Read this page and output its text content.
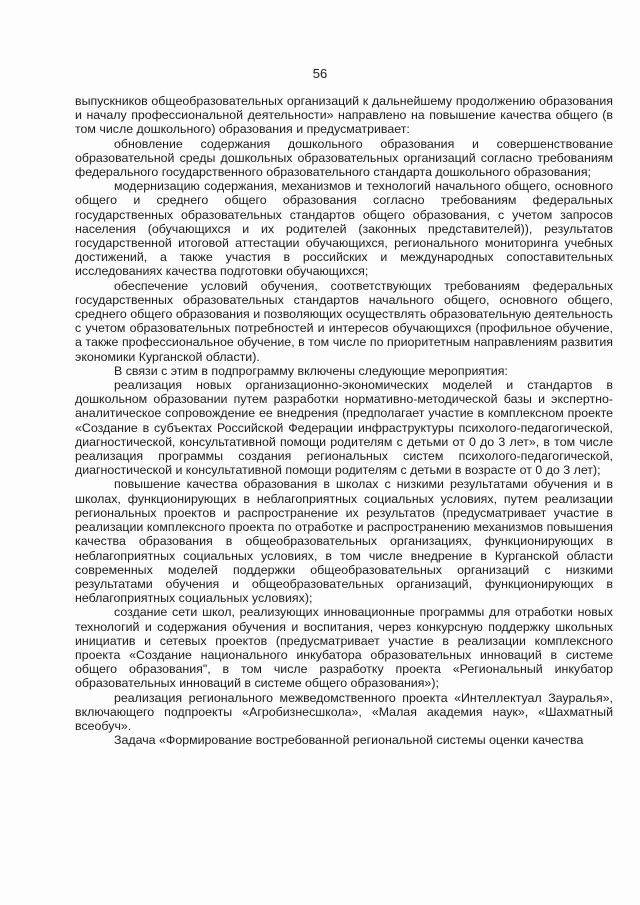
56

выпускников общеобразовательных организаций к дальнейшему продолжению образования и началу профессиональной деятельности» направлено на повышение качества общего (в том числе дошкольного) образования и предусматривает:

обновление содержания дошкольного образования и совершенствование образовательной среды дошкольных образовательных организаций согласно требованиям федерального государственного образовательного стандарта дошкольного образования;

модернизацию содержания, механизмов и технологий начального общего, основного общего и среднего общего образования согласно требованиям федеральных государственных образовательных стандартов общего образования, с учетом запросов населения (обучающихся и их родителей (законных представителей)), результатов государственной итоговой аттестации обучающихся, регионального мониторинга учебных достижений, а также участия в российских и международных сопоставительных исследованиях качества подготовки обучающихся;

обеспечение условий обучения, соответствующих требованиям федеральных государственных образовательных стандартов начального общего, основного общего, среднего общего образования и позволяющих осуществлять образовательную деятельность с учетом образовательных потребностей и интересов обучающихся (профильное обучение, а также профессиональное обучение, в том числе по приоритетным направлениям развития экономики Курганской области).

В связи с этим в подпрограмму включены следующие мероприятия:

реализация новых организационно-экономических моделей и стандартов в дошкольном образовании путем разработки нормативно-методической базы и экспертно-аналитическое сопровождение ее внедрения (предполагает участие в комплексном проекте «Создание в субъектах Российской Федерации инфраструктуры психолого-педагогической, диагностической, консультативной помощи родителям с детьми от 0 до 3 лет», в том числе реализация программы создания региональных систем психолого-педагогической, диагностической и консультативной помощи родителям с детьми в возрасте от 0 до 3 лет);

повышение качества образования в школах с низкими результатами обучения и в школах, функционирующих в неблагоприятных социальных условиях, путем реализации региональных проектов и распространение их результатов (предусматривает участие в реализации комплексного проекта по отработке и распространению механизмов повышения качества образования в общеобразовательных организациях, функционирующих в неблагоприятных социальных условиях, в том числе внедрение в Курганской области современных моделей поддержки общеобразовательных организаций с низкими результатами обучения и общеобразовательных организаций, функционирующих в неблагоприятных социальных условиях);

создание сети школ, реализующих инновационные программы для отработки новых технологий и содержания обучения и воспитания, через конкурсную поддержку школьных инициатив и сетевых проектов (предусматривает участие в реализации комплексного проекта «Создание национального инкубатора образовательных инноваций в системе общего образования", в том числе разработку проекта «Региональный инкубатор образовательных инноваций в системе общего образования»);

реализация регионального межведомственного проекта «Интеллектуал Зауралья», включающего подпроекты «Агробизнесшкола», «Малая академия наук», «Шахматный всеобуч».

Задача «Формирование востребованной региональной системы оценки качества
